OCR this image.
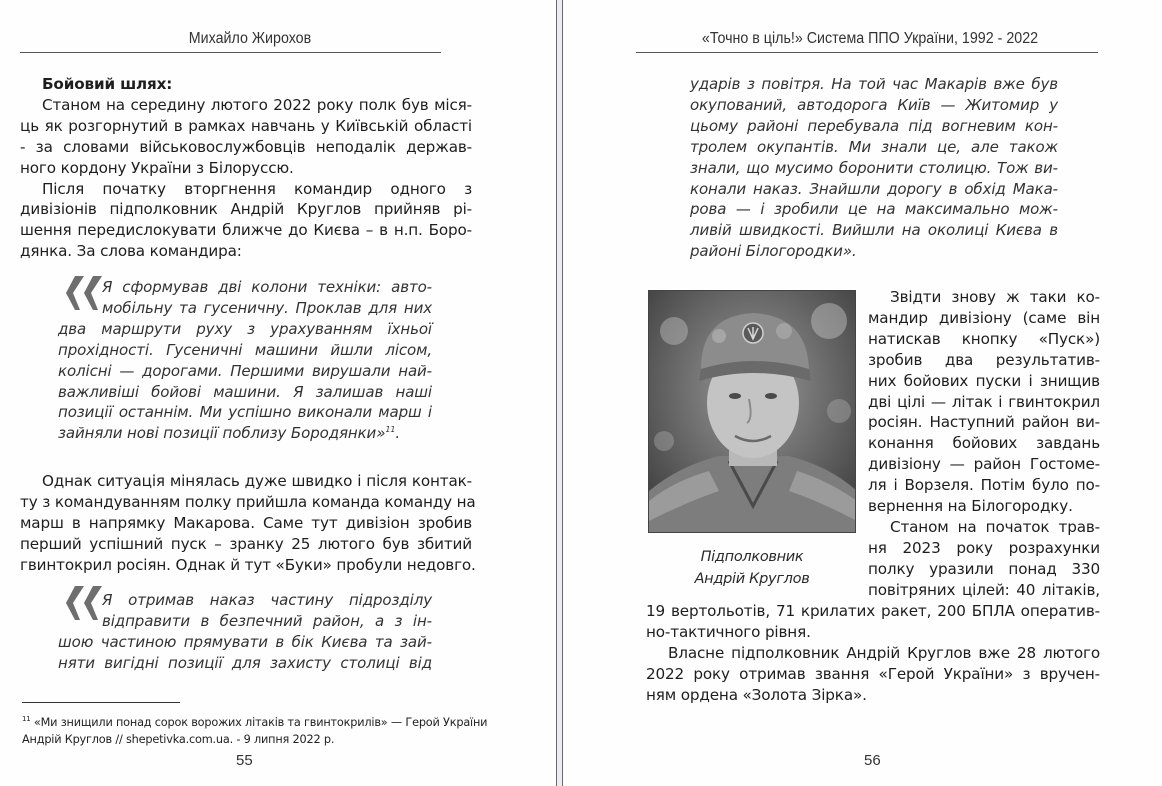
Михайло Жирохов
Бойовий шлях:
Станом на середину лютого 2022 року полк був міся-
ць як розгорнутий в рамках навчань у Київській області
- за словами військовослужбовців неподалік держав-
ного кордону України з Білоруссю.
Після початку вторгнення командир одного з
дивізіонів підполковник Андрій Круглов прийняв рі-
шення передислокувати ближче до Києва – в н.п. Боро-
дянка. За слова командира:
Я сформував дві колони техніки: авто-
мобільну та гусеничну. Проклав для них
два маршрути руху з урахуванням їхньої
прохідності. Гусеничні машини йшли лісом,
колісні — дорогами. Першими вирушали най-
важливіші бойові машини. Я залишав наші
позиції останнім. Ми успішно виконали марш і
зайняли нові позиції поблизу Бородянки»$^{11}$.
Однак ситуація мінялась дуже швидко і після контак-
ту з командуванням полку прийшла команда команду на
марш в напрямку Макарова. Саме тут дивізіон зробив
перший успішний пуск – зранку 25 лютого був збитий
гвинтокрил росіян. Однак й тут «Буки» пробули недовго.
Я отримав наказ частину підрозділу
відправити в безпечний район, а з ін-
шою частиною прямувати в бік Києва та зай-
няти вигідні позиції для захисту столиці від
$^{11}$ «Ми знищили понад сорок ворожих літаків та гвинтокрилів» — Герой України
Андрій Круглов // shepetivka.com.ua. - 9 липня 2022 р.
55
«Точно в ціль!» Система ППО України, 1992 - 2022
ударів з повітря. На той час Макарів вже був
окупований, автодорога Київ — Житомир у
цьому районі перебувала під вогневим кон-
тролем окупантів. Ми знали це, але також
знали, що мусимо боронити столицю. Тож ви-
конали наказ. Знайшли дорогу в обхід Мака-
рова — і зробили це на максимально мож-
ливій швидкості. Вийшли на околиці Києва в
районі Білогородки».
Підполковник
Андрій Круглов
Звідти знову ж таки ко-
мандир дивізіону (саме він
натискав кнопку «Пуск»)
зробив два результатив-
них бойових пуски і знищив
дві цілі — літак і гвинтокрил
росіян. Наступний район ви-
конання бойових завдань
дивізіону — район Гостоме-
ля і Ворзеля. Потім було по-
вернення на Білогородку.
Станом на початок трав-
ня 2023 року розрахунки
полку уразили понад 330
повітряних цілей: 40 літаків,
19 вертольотів, 71 крилатих ракет, 200 БПЛА оператив-
но-тактичного рівня.
Власне підполковник Андрій Круглов вже 28 лютого
2022 року отримав звання «Герой України» з вручен-
ням ордена «Золота Зірка».
56
